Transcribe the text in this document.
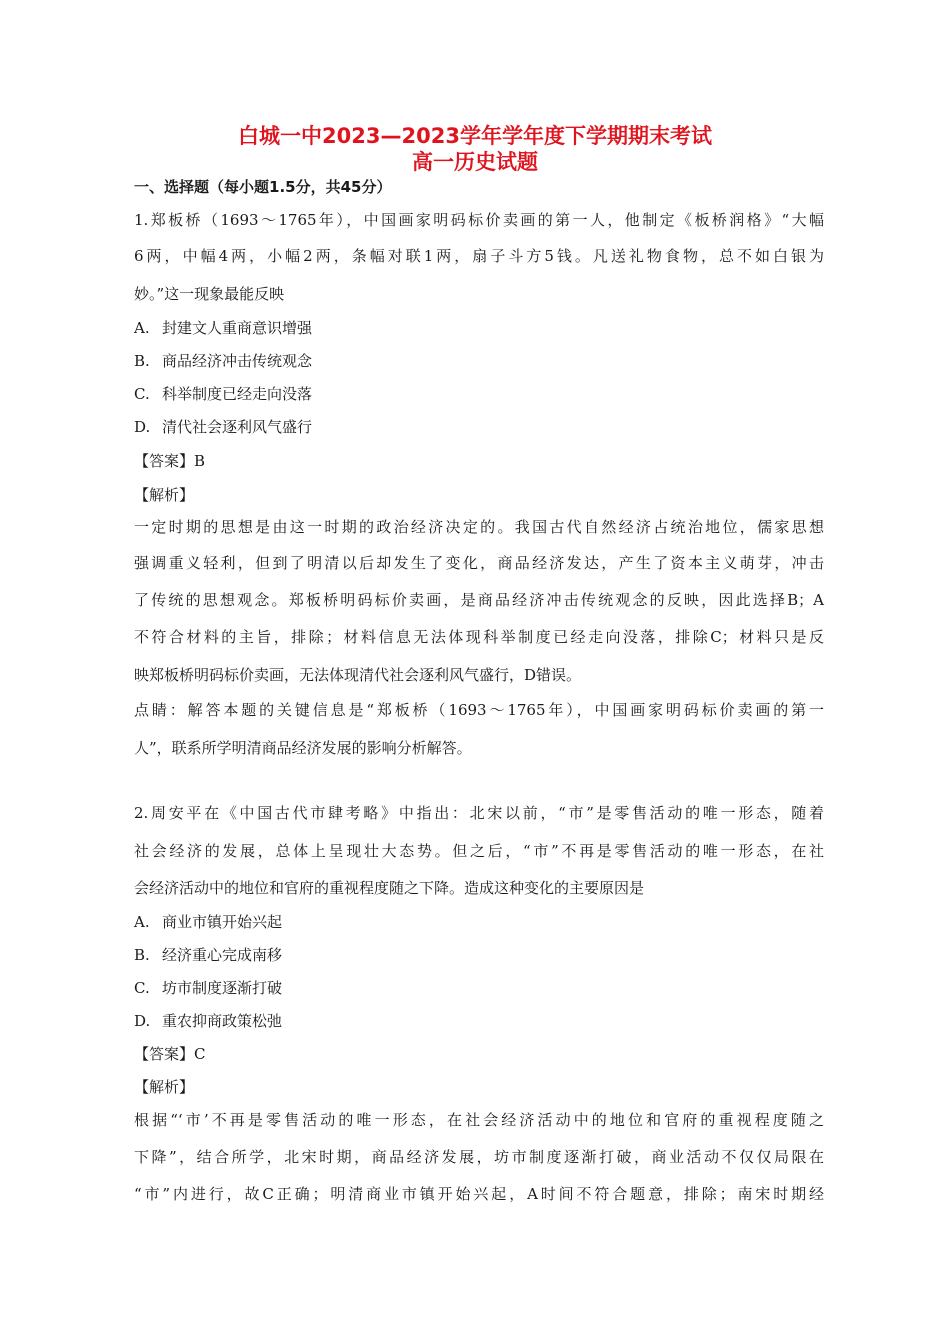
白城一中2023—2023学年学年度下学期期末考试
高一历史试题
一、选择题（每小题1.5分，共45分）
1.郑板桥（1693～1765年），中国画家明码标价卖画的第一人，他制定《板桥润格》“大幅
6两，中幅4两，小幅2两，条幅对联1两，扇子斗方5钱。凡送礼物食物，总不如白银为
妙。”这一现象最能反映
A. 封建文人重商意识增强
B. 商品经济冲击传统观念
C. 科举制度已经走向没落
D. 清代社会逐利风气盛行
【答案】B
【解析】
一定时期的思想是由这一时期的政治经济决定的。我国古代自然经济占统治地位，儒家思想
强调重义轻利，但到了明清以后却发生了变化，商品经济发达，产生了资本主义萌芽，冲击
了传统的思想观念。郑板桥明码标价卖画，是商品经济冲击传统观念的反映，因此选择B；A
不符合材料的主旨，排除；材料信息无法体现科举制度已经走向没落，排除C；材料只是反
映郑板桥明码标价卖画，无法体现清代社会逐利风气盛行，D错误。
点睛：解答本题的关键信息是“郑板桥（1693～1765年），中国画家明码标价卖画的第一
人”，联系所学明清商品经济发展的影响分析解答。
2.周安平在《中国古代市肆考略》中指出：北宋以前，“市”是零售活动的唯一形态，随着
社会经济的发展，总体上呈现壮大态势。但之后，“市”不再是零售活动的唯一形态，在社
会经济活动中的地位和官府的重视程度随之下降。造成这种变化的主要原因是
A. 商业市镇开始兴起
B. 经济重心完成南移
C. 坊市制度逐渐打破
D. 重农抑商政策松弛
【答案】C
【解析】
根据“‘市’不再是零售活动的唯一形态，在社会经济活动中的地位和官府的重视程度随之
下降”，结合所学，北宋时期，商品经济发展，坊市制度逐渐打破，商业活动不仅仅局限在
“市”内进行，故C正确；明清商业市镇开始兴起，A时间不符合题意，排除；南宋时期经
